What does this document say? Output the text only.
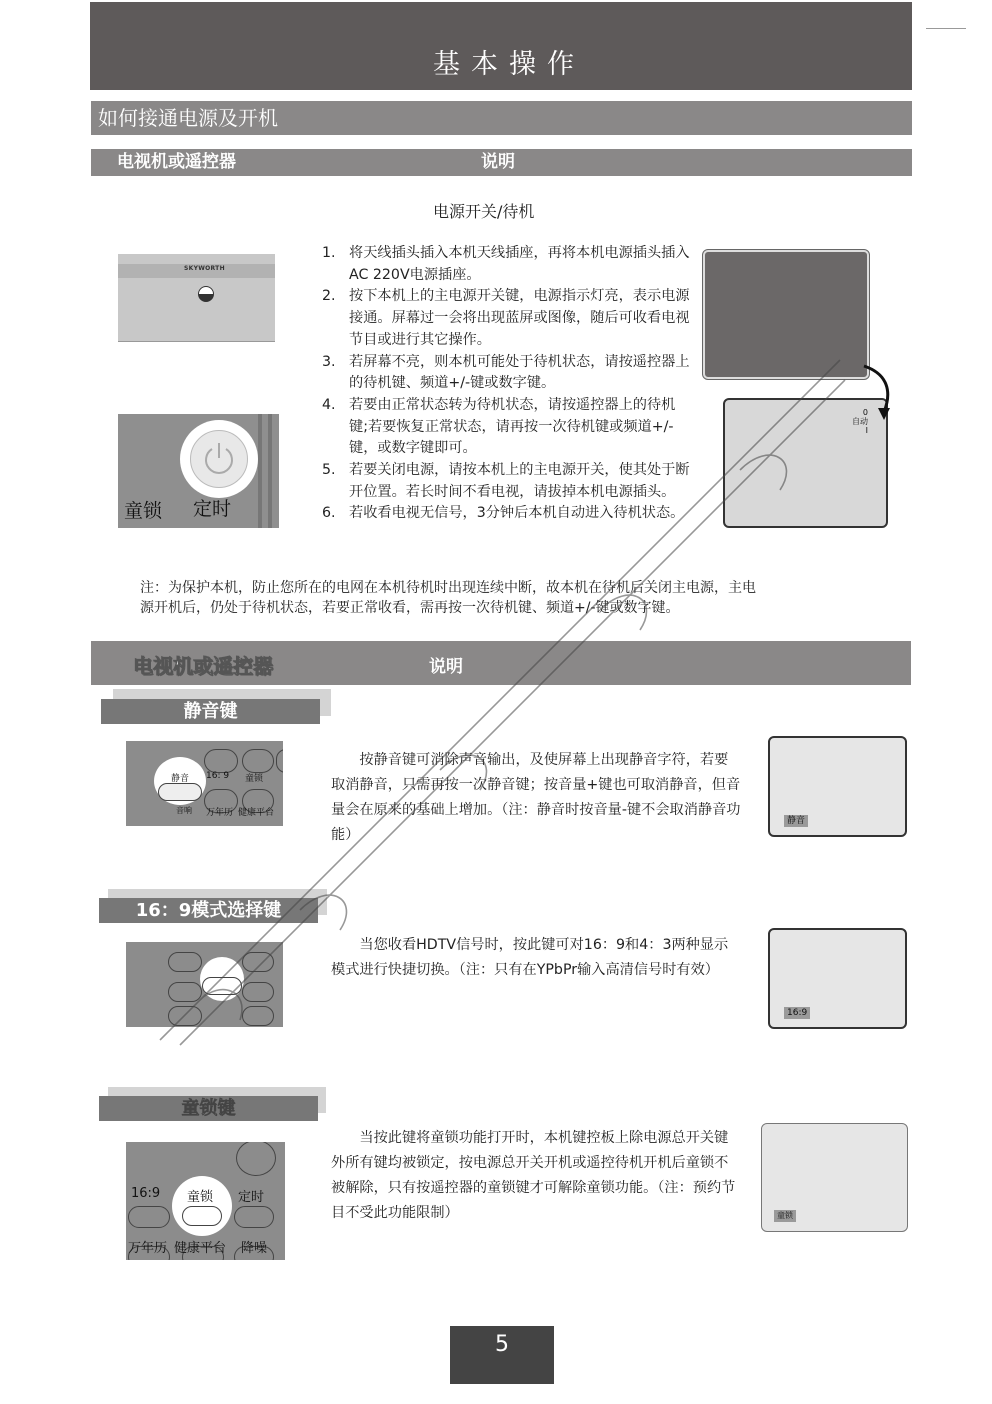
基本操作
如何接通电源及开机
电视机或遥控器	说明
电源开关/待机
SKYWORTH
童锁 定时
1. 将天线插头插入本机天线插座，再将本机电源插头插入AC 220V电源插座。
2. 按下本机上的主电源开关键，电源指示灯亮，表示电源接通。屏幕过一会将出现蓝屏或图像，随后可收看电视节目或进行其它操作。
3. 若屏幕不亮，则本机可能处于待机状态，请按遥控器上的待机键、频道+/-键或数字键。
4. 若要由正常状态转为待机状态，请按遥控器上的待机键;若要恢复正常状态，请再按一次待机键或频道+/-键，或数字键即可。
5. 若要关闭电源，请按本机上的主电源开关，使其处于断开位置。若长时间不看电视，请拔掉本机电源插头。
6. 若收看电视无信号，3分钟后本机自动进入待机状态。
0
自动
I
注：为保护本机，防止您所在的电网在本机待机时出现连续中断，故本机在待机后关闭主电源，主电
源开机后，仍处于待机状态，若要正常收看，需再按一次待机键、频道+/-键或数字键。
电视机或遥控器	说明
静音键
静音 16: 9 童锁
音响 万年历 健康平台
按静音键可消除声音输出，及使屏幕上出现静音字符，若要取消静音，只需再按一次静音键；按音量+键也可取消静音，但音量会在原来的基础上增加。（注：静音时按音量-键不会取消静音功能）
静音
16：9模式选择键
当您收看HDTV信号时，按此键可对16：9和4：3两种显示模式进行快捷切换。（注：只有在YPbPr输入高清信号时有效）
16:9
童锁键
16:9 童锁 定时
万年历 健康平台 降噪
当按此键将童锁功能打开时，本机键控板上除电源总开关键外所有键均被锁定，按电源总开关开机或遥控待机开机后童锁不被解除，只有按遥控器的童锁键才可解除童锁功能。（注：预约节目不受此功能限制）	童锁
5
